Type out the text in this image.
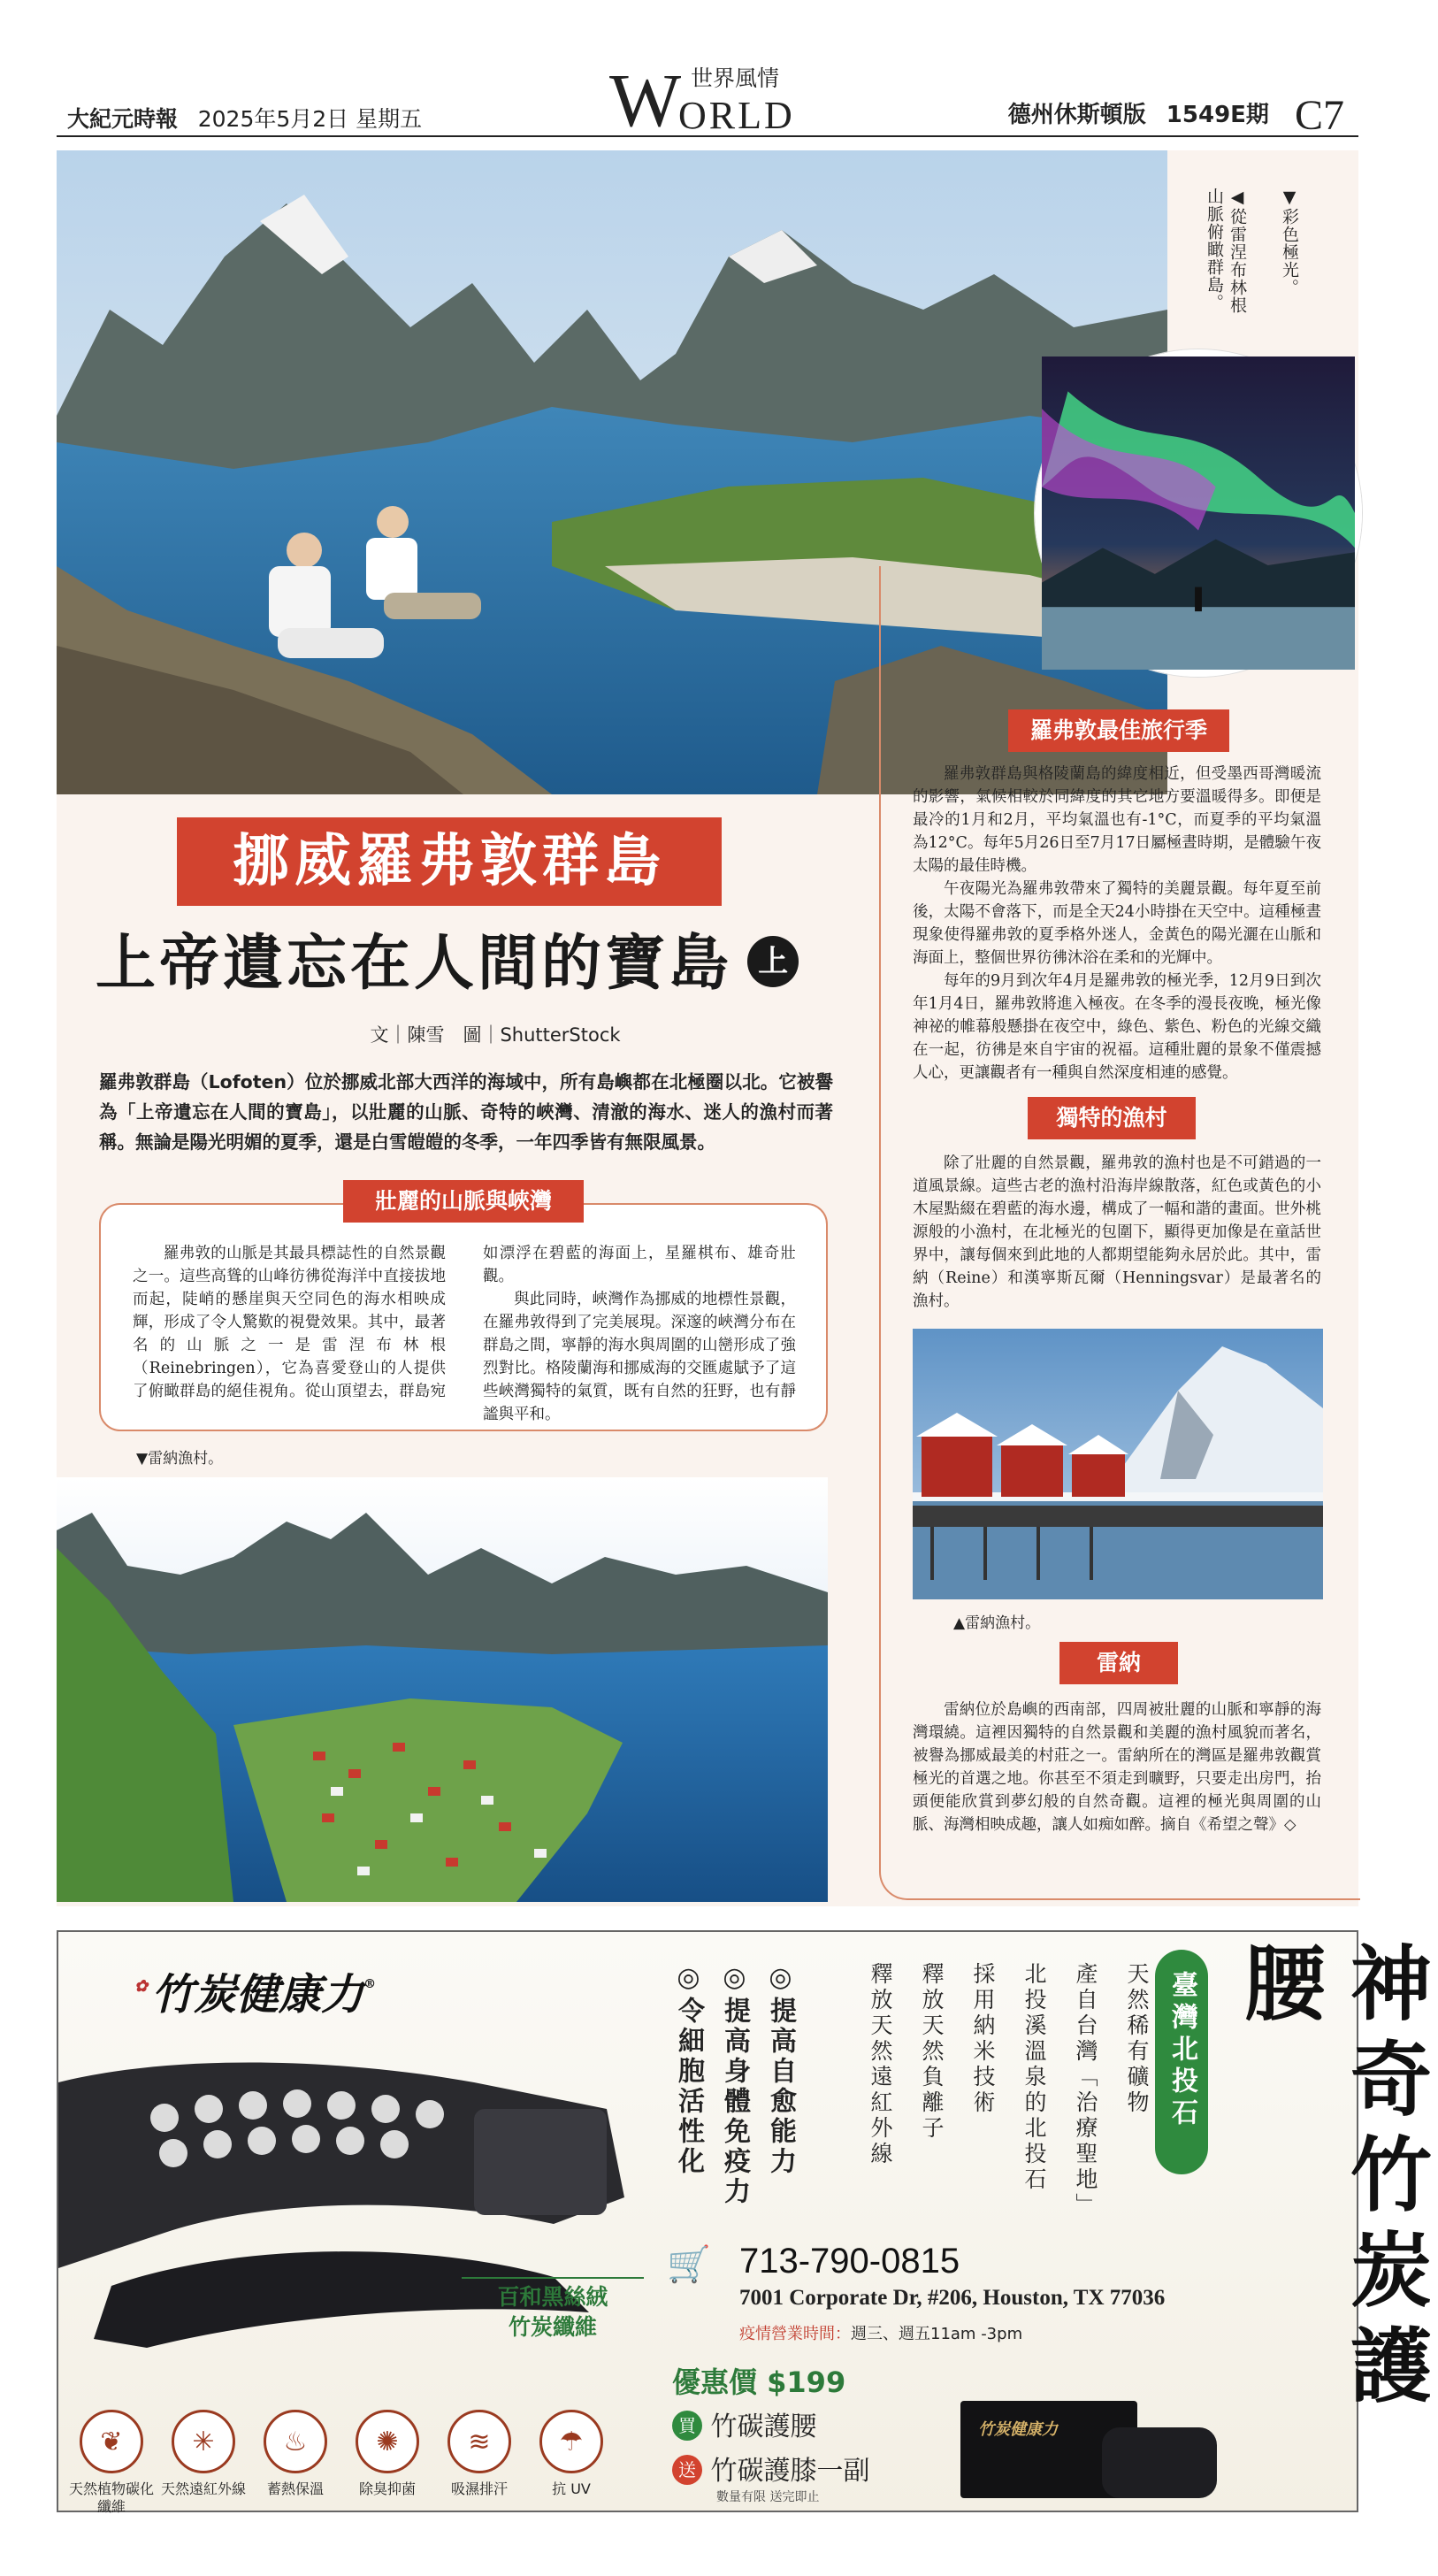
大紀元時報 2025年5月2日 星期五 W 世界風情
ORLD	德州休斯頓版 1549E期 C7
▼彩色極光。
◀從雷涅布林根
山脈俯瞰群島。
挪威羅弗敦群島
上帝遺忘在人間的寶島 上
文｜陳雪　圖｜ShutterStock
羅弗敦群島（Lofoten）位於挪威北部大西洋的海域中，所有島嶼都在北極圈以北。它被譽為「上帝遺忘在人間的寶島」，以壯麗的山脈、奇特的峽灣、清澈的海水、迷人的漁村而著稱。無論是陽光明媚的夏季，還是白雪皚皚的冬季，一年四季皆有無限風景。
壯麗的山脈與峽灣

羅弗敦的山脈是其最具標誌性的自然景觀之一。這些高聳的山峰彷彿從海洋中直接拔地而起，陡峭的懸崖與天空同色的海水相映成輝，形成了令人驚歎的視覺效果。其中，最著名的山脈之一是雷涅布林根（Reinebringen），它為喜愛登山的人提供了俯瞰群島的絕佳視角。從山頂望去，群島宛如漂浮在碧藍的海面上，星羅棋布、雄奇壯觀。

與此同時，峽灣作為挪威的地標性景觀，在羅弗敦得到了完美展現。深邃的峽灣分布在群島之間，寧靜的海水與周圍的山巒形成了強烈對比。格陵蘭海和挪威海的交匯處賦予了這些峽灣獨特的氣質，既有自然的狂野，也有靜謐與平和。

▼雷納漁村。
羅弗敦最佳旅行季

羅弗敦群島與格陵蘭島的緯度相近，但受墨西哥灣暖流的影響，氣候相較於同緯度的其它地方要溫暖得多。即便是最冷的1月和2月，平均氣溫也有-1°C，而夏季的平均氣溫為12°C。每年5月26日至7月17日屬極晝時期，是體驗午夜太陽的最佳時機。

午夜陽光為羅弗敦帶來了獨特的美麗景觀。每年夏至前後，太陽不會落下，而是全天24小時掛在天空中。這種極晝現象使得羅弗敦的夏季格外迷人，金黃色的陽光灑在山脈和海面上，整個世界彷彿沐浴在柔和的光輝中。

每年的9月到次年4月是羅弗敦的極光季，12月9日到次年1月4日，羅弗敦將進入極夜。在冬季的漫長夜晚，極光像神祕的帷幕般懸掛在夜空中，綠色、紫色、粉色的光線交織在一起，彷彿是來自宇宙的祝福。這種壯麗的景象不僅震撼人心，更讓觀者有一種與自然深度相連的感覺。

獨特的漁村

除了壯麗的自然景觀，羅弗敦的漁村也是不可錯過的一道風景線。這些古老的漁村沿海岸線散落，紅色或黃色的小木屋點綴在碧藍的海水邊，構成了一幅和諧的畫面。世外桃源般的小漁村，在北極光的包圍下，顯得更加像是在童話世界中，讓每個來到此地的人都期望能夠永居於此。其中，雷納（Reine）和漢寧斯瓦爾（Henningsvar）是最著名的漁村。

▲雷納漁村。
雷納

雷納位於島嶼的西南部，四周被壯麗的山脈和寧靜的海灣環繞。這裡因獨特的自然景觀和美麗的漁村風貌而著名，被譽為挪威最美的村莊之一。雷納所在的灣區是羅弗敦觀賞極光的首選之地。你甚至不須走到曠野，只要走出房門，抬頭便能欣賞到夢幻般的自然奇觀。這裡的極光與周圍的山脈、海灣相映成趣，讓人如痴如醉。摘自《希望之聲》◇

✿竹炭健康力®
百和黑絲絨
竹炭纖維
❦
天然植物碳化纖維
✳
天然遠紅外線
♨
蓄熱保溫
✺
除臭抑菌
≋
吸濕排汗
☂
抗 UV
◎提高自愈能力
◎提高身體免疫力
◎令細胞活性化	天然稀有礦物
產自台灣「治療聖地」
北投溪溫泉的北投石
採用納米技術
釋放天然負離子
釋放天然遠紅外線	臺灣北投石	神奇竹炭護腰
🛒 713-790-0815
7001 Corporate Dr, #206, Houston, TX 77036
疫情營業時間：週三、週五11am -3pm
優惠價 $199
買 竹碳護腰
送 竹碳護膝一副
數量有限 送完即止
竹炭健康力
